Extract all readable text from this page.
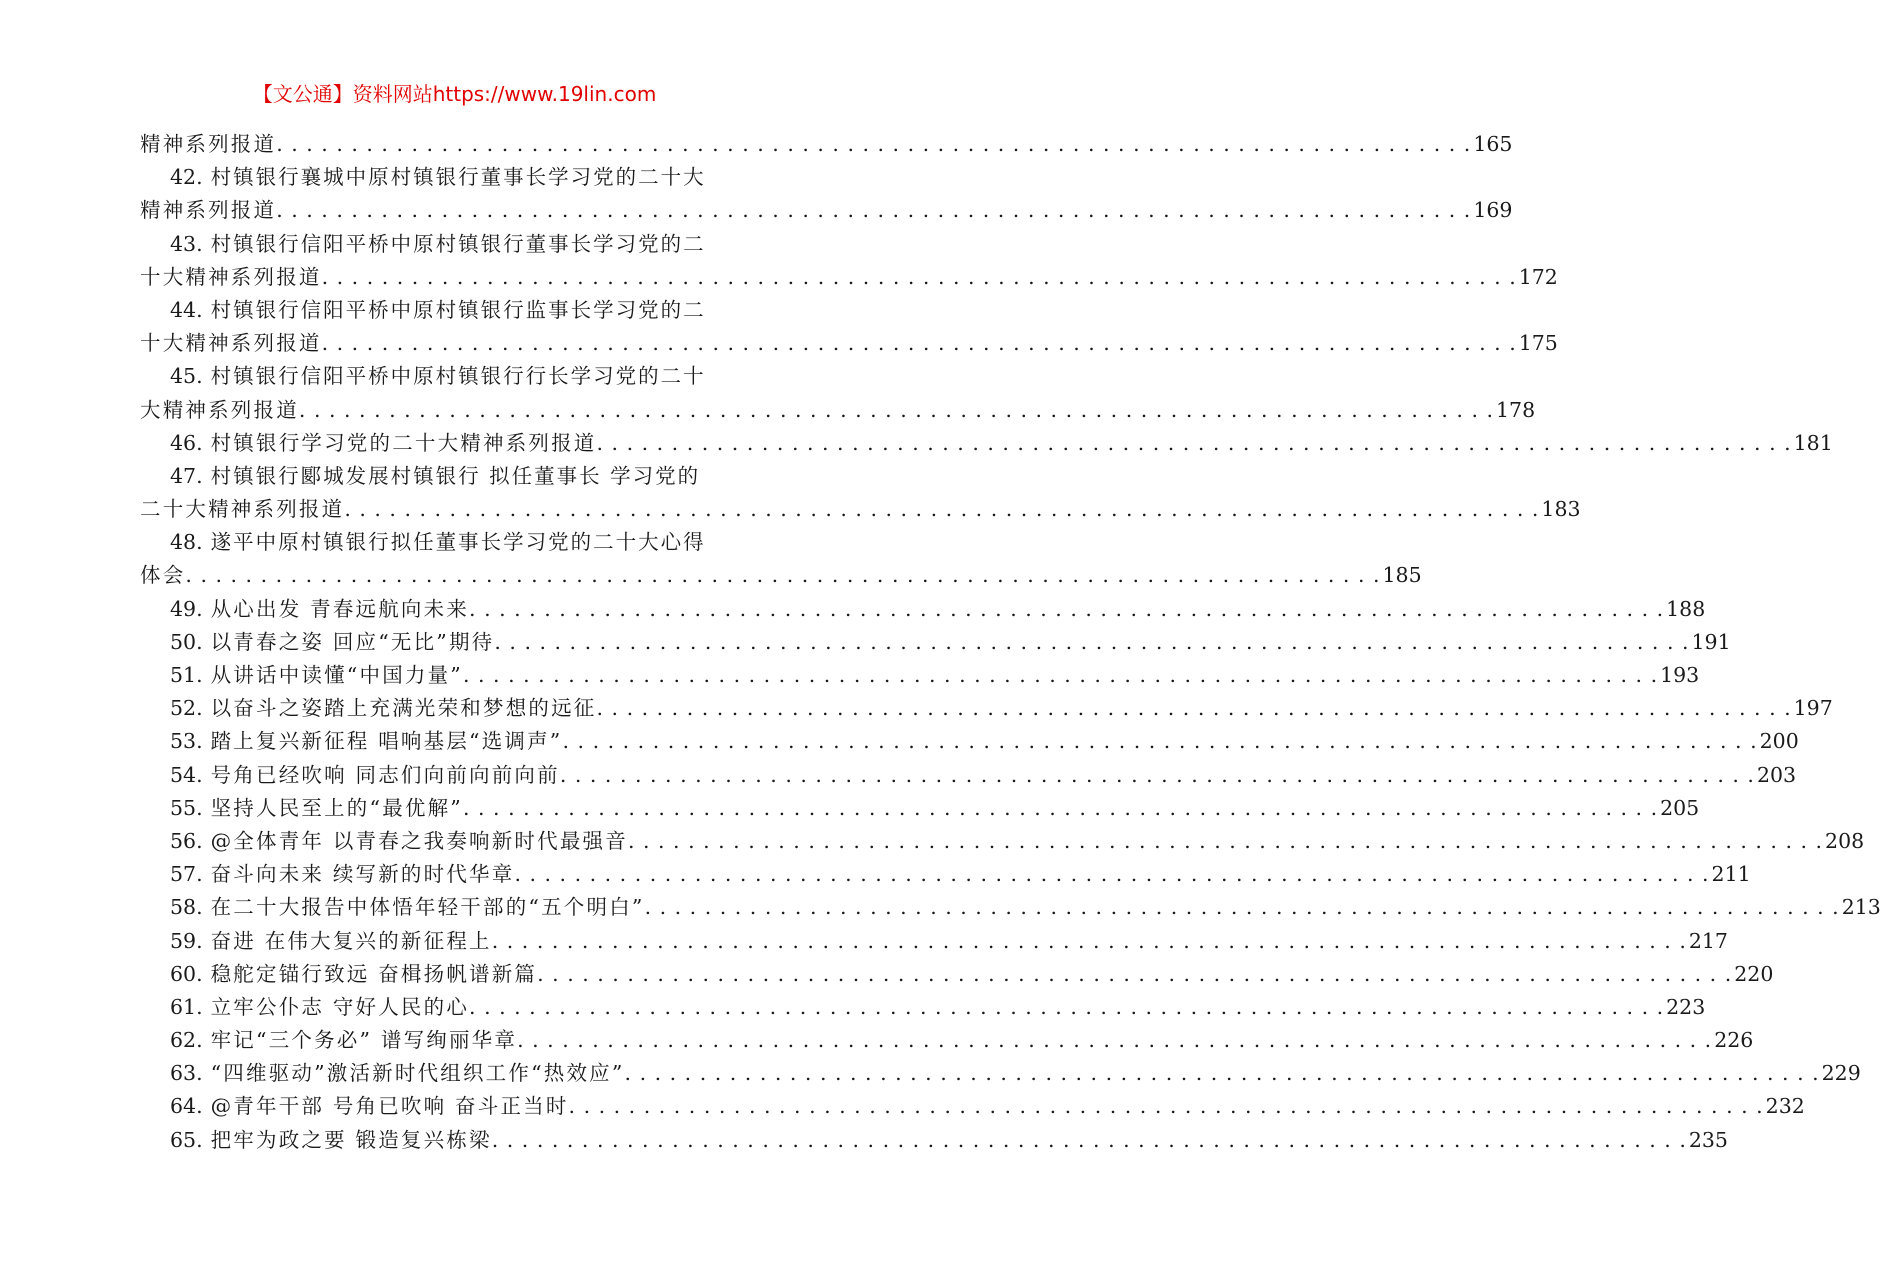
【文公通】资料网站https://www.19lin.com
精神系列报道 . . .	165
42. 村镇银行襄城中原村镇银行董事长学习党的二十大
精神系列报道 . . .	169
43. 村镇银行信阳平桥中原村镇银行董事长学习党的二
十大精神系列报道 . . .	172
44. 村镇银行信阳平桥中原村镇银行监事长学习党的二
十大精神系列报道 . . .	175
45. 村镇银行信阳平桥中原村镇银行行长学习党的二十
大精神系列报道 . . .	178
46. 村镇银行学习党的二十大精神系列报道 . . .	181
47. 村镇银行郾城发展村镇银行 拟任董事长 学习党的
二十大精神系列报道 . . .	183
48. 遂平中原村镇银行拟任董事长学习党的二十大心得
体会 . . .	185
49. 从心出发 青春远航向未来 . . .	188
50. 以青春之姿 回应“无比”期待 . . .	191
51. 从讲话中读懂“中国力量” . . .	193
52. 以奋斗之姿踏上充满光荣和梦想的远征 . . .	197
53. 踏上复兴新征程 唱响基层“选调声” . . .	200
54. 号角已经吹响 同志们向前向前向前 . . .	203
55. 坚持人民至上的“最优解” . . .	205
56. @全体青年 以青春之我奏响新时代最强音 . . .	208
57. 奋斗向未来 续写新的时代华章 . . .	211
58. 在二十大报告中体悟年轻干部的“五个明白” . . .	213
59. 奋进 在伟大复兴的新征程上 . . .	217
60. 稳舵定锚行致远 奋楫扬帆谱新篇 . . .	220
61. 立牢公仆志 守好人民的心 . . .	223
62. 牢记“三个务必” 谱写绚丽华章 . . .	226
63. “四维驱动”激活新时代组织工作“热效应” . . .	229
64. @青年干部 号角已吹响 奋斗正当时 . . .	232
65. 把牢为政之要 锻造复兴栋梁 . . .	235
